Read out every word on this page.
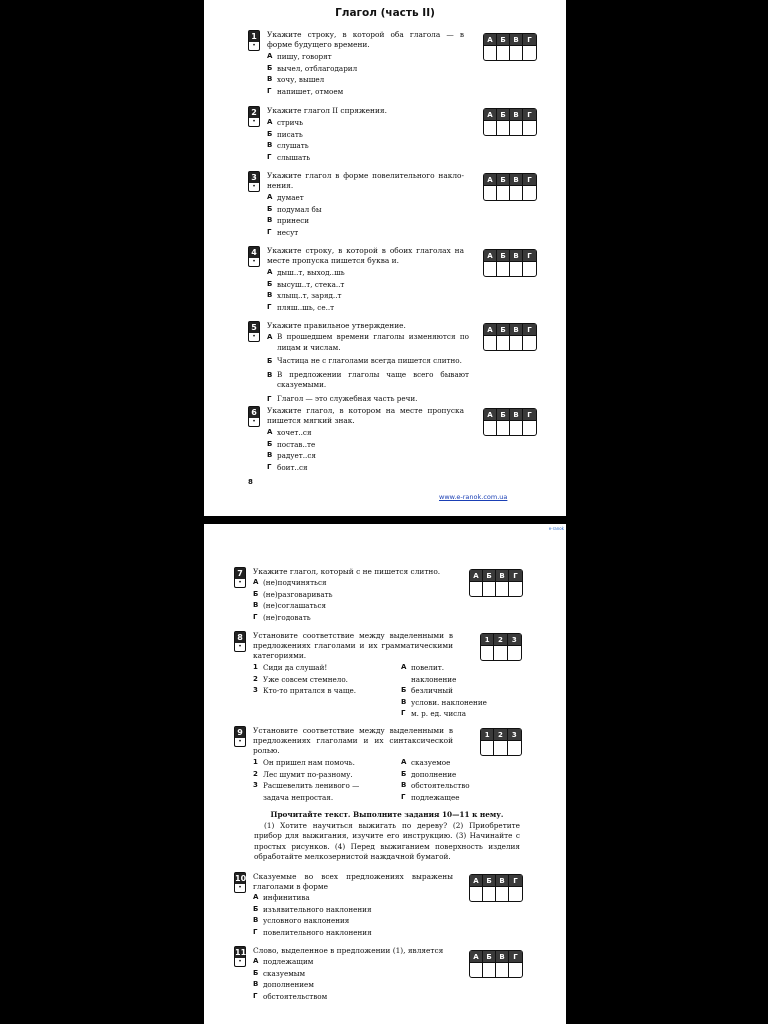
Глагол (часть II)
1
•
Укажите строку, в которой оба глагола — в форме будущего времени.
А пишу, говорят
Б вычел, отблагодарил
В хочу, вышел
Г напишет, отмоем
А	Б	В	Г
2
•
Укажите глагол II спряжения.
А стричь
Б писать
В слушать
Г слышать
А	Б	В	Г
3
•
Укажите глагол в форме повелительного накло-нения.
А думает
Б подумал бы
В принеси
Г несут
А	Б	В	Г
4
•
Укажите строку, в которой в обоих глаголах на месте пропуска пишется буква и.
А дыш..т, выход..шь
Б высуш..т, стека..т
В хлыщ..т, заряд..т
Г пляш..шь, се..т
А	Б	В	Г
5
•
Укажите правильное утверждение.
А В прошедшем времени глаголы изменяются по лицам и числам.
Б Частица не с глаголами всегда пишется слитно.
В В предложении глаголы чаще всего бывают сказуемыми.
Г Глагол — это служебная часть речи.
А	Б	В	Г
6
•
Укажите глагол, в котором на месте пропуска пишется мягкий знак.
А хочет..ся
Б постав..те
В радует..ся
Г боит..ся
А	Б	В	Г
8
www.e-ranok.com.ua
e-ranok
7
•
Укажите глагол, который с не пишется слитно.
А (не)подчиняться
Б (не)разговаривать
В (не)соглашаться
Г (не)годовать
А	Б	В	Г
8
•
Установите соответствие между выделенными в предложениях глаголами и их грамматическими категориями.
1 Сиди да слушай!	А повелит.
2 Уже совсем стемнело.	наклонение
3 Кто-то прятался в чаще.	Б безличный
В услови. наклонение
Г м. р. ед. числа
1	2	3
9
•
Установите соответствие между выделенными в предложениях глаголами и их синтаксической ролью.
1 Он пришел нам помочь.	А сказуемое
2 Лес шумит по-разному.	Б дополнение
3 Расшевелить ленивого —	В обстоятельство
задача непростая.	Г подлежащее
1	2	3
Прочитайте текст. Выполните задания 10—11 к нему.
(1) Хотите научиться выжигать по дереву? (2) Приобретите прибор для выжигания, изучите его инструкцию. (3) Начинайте с простых рисунков. (4) Перед выжиганием поверхность изделия обработайте мелкозернистой наждачной бумагой.
10
•
Сказуемые во всех предложениях выражены глаголами в форме
А инфинитива
Б изъявительного наклонения
В условного наклонения
Г повелительного наклонения
А	Б	В	Г
11
•
Слово, выделенное в предложении (1), является
А подлежащим
Б сказуемым
В дополнением
Г обстоятельством
А	Б	В	Г
